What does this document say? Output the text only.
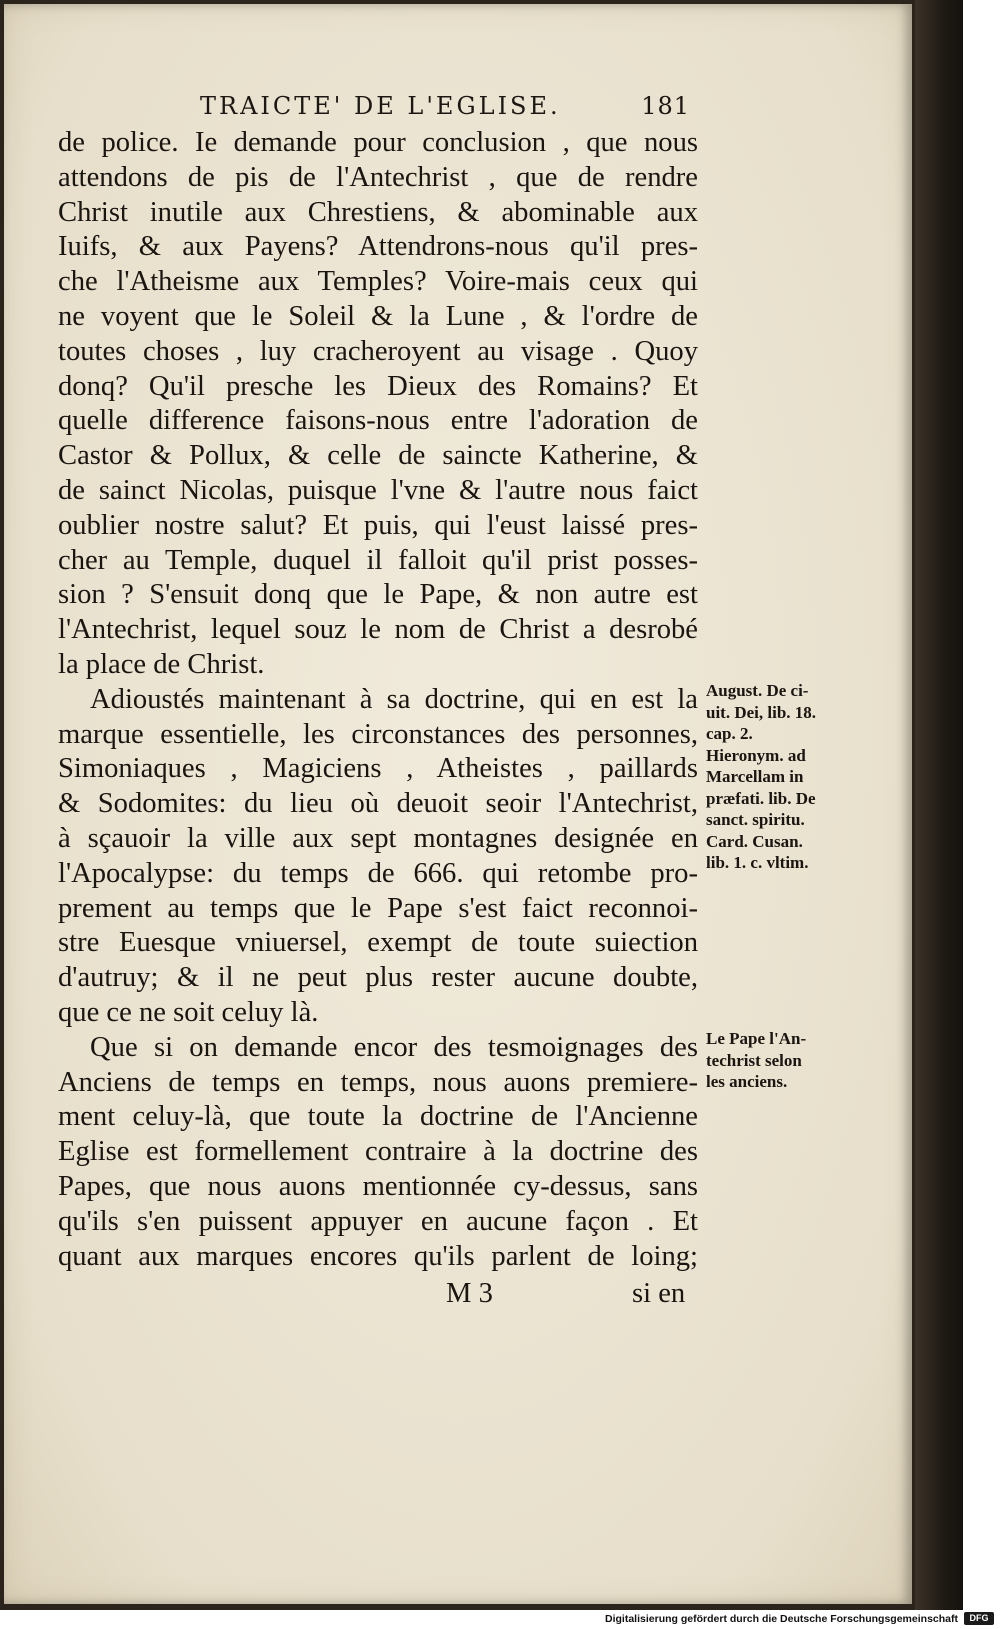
TRAICTE' DE L'EGLISE.	181
de police. Ie demande pour conclusion , que nous
attendons de pis de l'Antechrist , que de rendre
Christ inutile aux Chrestiens, & abominable aux
Iuifs, & aux Payens? Attendrons-nous qu'il pres-
che l'Atheisme aux Temples? Voire-mais ceux qui
ne voyent que le Soleil & la Lune , & l'ordre de
toutes choses , luy cracheroyent au visage . Quoy
donq? Qu'il presche les Dieux des Romains? Et
quelle difference faisons-nous entre l'adoration de
Castor & Pollux, & celle de saincte Katherine, &
de sainct Nicolas, puisque l'vne & l'autre nous faict
oublier nostre salut? Et puis, qui l'eust laissé pres-
cher au Temple, duquel il falloit qu'il prist posses-
sion ? S'ensuit donq que le Pape, & non autre est
l'Antechrist, lequel souz le nom de Christ a desrobé
la place de Christ.
Adioustés maintenant à sa doctrine, qui en est la
marque essentielle, les circonstances des personnes,
Simoniaques , Magiciens , Atheistes , paillards
& Sodomites: du lieu où deuoit seoir l'Antechrist,
à sçauoir la ville aux sept montagnes designée en
l'Apocalypse: du temps de 666. qui retombe pro-
prement au temps que le Pape s'est faict reconnoi-
stre Euesque vniuersel, exempt de toute suiection
d'autruy; & il ne peut plus rester aucune doubte,
que ce ne soit celuy là.
Que si on demande encor des tesmoignages des
Anciens de temps en temps, nous auons premiere-
ment celuy-là, que toute la doctrine de l'Ancienne
Eglise est formellement contraire à la doctrine des
Papes, que nous auons mentionnée cy-dessus, sans
qu'ils s'en puissent appuyer en aucune façon . Et
quant aux marques encores qu'ils parlent de loing;
August. De ci-
uit. Dei, lib. 18.
cap. 2.
Hieronym. ad
Marcellam in
præfati. lib. De
sanct. spiritu.
Card. Cusan.
lib. 1. c. vltim.
Le Pape l'An-
techrist selon
les anciens.
M 3	si en
Digitalisierung gefördert durch die Deutsche Forschungsgemeinschaft	DFG
